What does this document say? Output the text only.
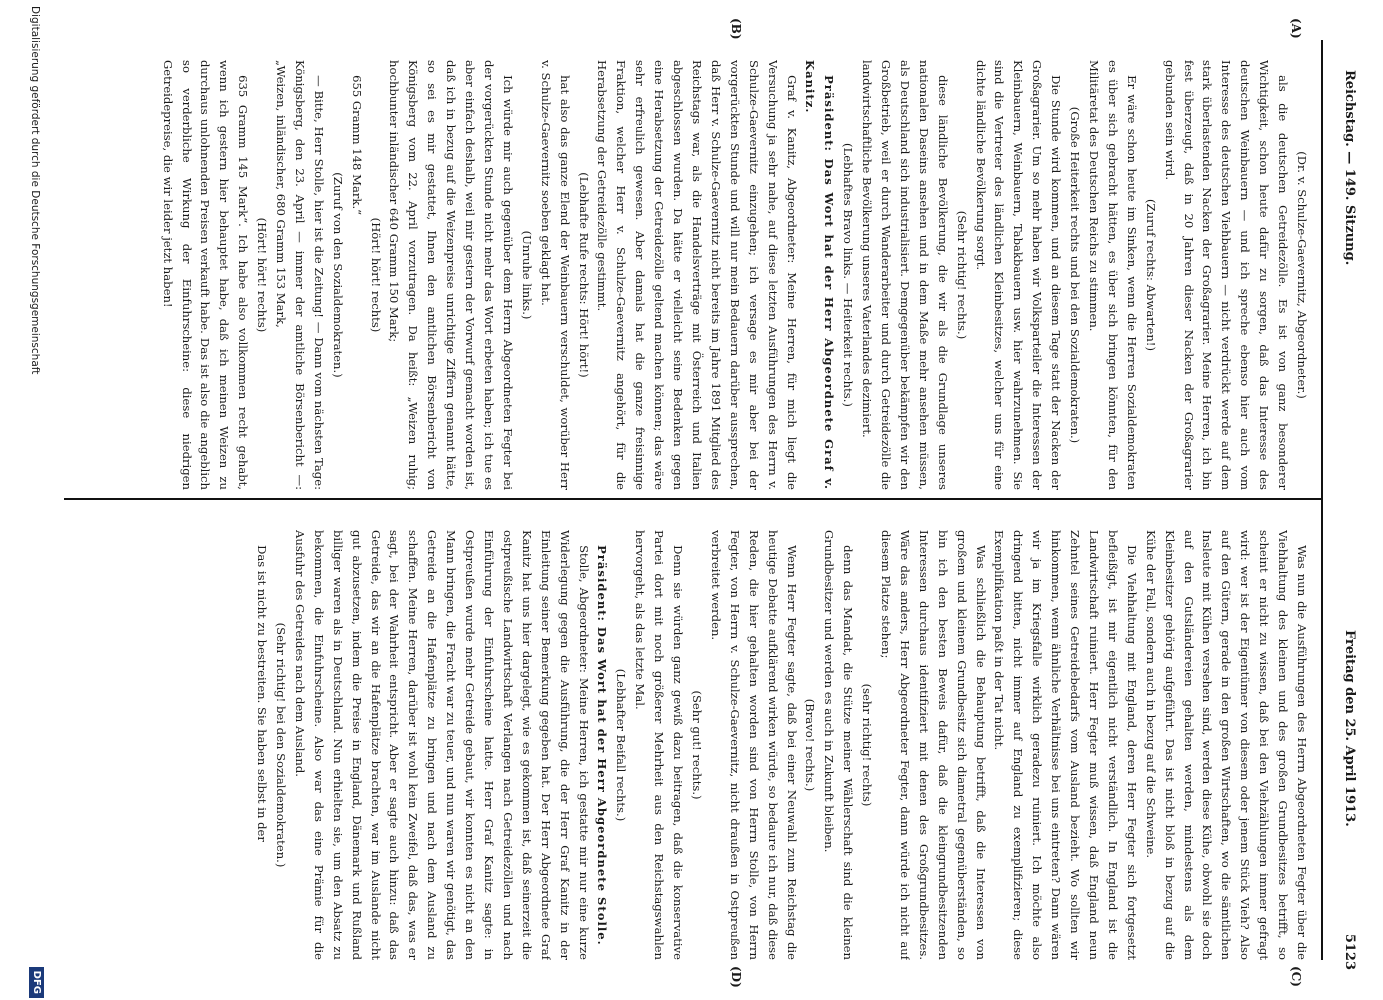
Reichstag. — 149. Sitzung.
Freitag den 25. April 1913.
5123
(A)
(B)
(C)
(D)

(Dr. v. Schulze-Gaevernitz, Abgeordneter.)

als die deutschen Getreidezölle. Es ist von ganz besonderer Wichtigkeit, schon heute dafür zu sorgen, daß das Interesse des deutschen Weinbauern — und ich spreche ebenso hier auch vom Interesse des deutschen Viehbauern — nicht verdrückt werde auf dem stark überlastenden Nacken der Großagrarier. Meine Herren, ich bin fest überzeugt, daß in 20 Jahren dieser Nacken der Großagrarier gebunden sein wird.

(Zuruf rechts: Abwarten!)

Er wäre schon heute im Sinken, wenn die Herren Sozialdemokraten es über sich gebracht hätten, es über sich bringen könnten, für den Militäretat des Deutschen Reichs zu stimmen.

(Große Heiterkeit rechts und bei den Sozialdemokraten.)

Die Stunde wird kommen, und an diesem Tage statt der Nacken der Großagrarier. Um so mehr haben wir Volksparteiler die Interessen der Kleinbauern, Weinbauern, Tabakbauern usw. hier wahrzunehmen. Sie sind die Vertreter des ländlichen Kleinbesitzes, welcher uns für eine dichte ländliche Bevölkerung sorgt.

(Sehr richtig! rechts.)

diese ländliche Bevölkerung, die wir als die Grundlage unseres nationalen Daseins ansehen und in dem Maße mehr ansehen müssen, als Deutschland sich industrialisiert. Demgegenüber bekämpfen wir den Großbetrieb, weil er durch Wanderarbeiter und durch Getreidezölle die landwirtschaftliche Bevölkerung unseres Vaterlandes dezimiert.

(Lebhaftes Bravo links. — Heiterkeit rechts.)

Präsident: Das Wort hat der Herr Abgeordnete Graf v. Kanitz.

Graf v. Kanitz, Abgeordneter: Meine Herren, für mich liegt die Versuchung ja sehr nahe, auf diese letzten Ausführungen des Herrn v. Schulze-Gaevernitz einzugehen; ich versage es mir aber bei der vorgerückten Stunde und will nur mein Bedauern darüber aussprechen, daß Herr v. Schulze-Gaevernitz nicht bereits im Jahre 1891 Mitglied des Reichstags war, als die Handelsverträge mit Österreich und Italien abgeschlossen wurden. Da hätte er vielleicht seine Bedenken gegen eine Herabsetzung der Getreidezölle geltend machen können; das wäre sehr erfreulich gewesen. Aber damals hat die ganze freisinnige Fraktion, welcher Herr v. Schulze-Gaevernitz angehört, für die Herabsetzung der Getreidezölle gestimmt.

(Lebhafte Rufe rechts: Hört! hört!)

hat also das ganze Elend der Weinbauern verschuldet, worüber Herr v. Schulze-Gaevernitz soeben geklagt hat.

(Unruhe links.)

Ich würde mir auch gegenüber dem Herrn Abgeordneten Fegter bei der vorgerückten Stunde nicht mehr das Wort erbeten haben; ich tue es aber einfach deshalb, weil mir gestern der Vorwurf gemacht worden ist, daß ich in bezug auf die Weizenpreise unrichtige Ziffern genannt hätte, so sei es mir gestattet, Ihnen den amtlichen Börsenbericht von Königsberg vom 22. April vorzutragen. Da heißt: „Weizen ruhig; hochbunter inländischer 640 Gramm 150 Mark;

(Hört! hört! rechts)

655 Gramm 148 Mark.“

(Zuruf von den Sozialdemokraten.)

— Bitte, Herr Stolle, hier ist die Zeitung! — Dann vom nächsten Tage: Königsberg, den 23. April — immer der amtliche Börsenbericht —: „Weizen, inländischer, 680 Gramm 153 Mark,

(Hört! hört! rechts)

635 Gramm 145 Mark“. Ich habe also vollkommen recht gehabt, wenn ich gestern hier behauptet habe, daß ich meinen Weizen zu durchaus unlohnenden Preisen verkauft habe. Das ist also die angeblich so verderbliche Wirkung der Einfuhrscheine: diese niedrigen Getreidepreise, die wir leider jetzt haben!

Was nun die Ausführungen des Herrn Abgeordneten Fegter über die Viehhaltung des kleinen und des großen Grundbesitzes betrifft, so scheint er nicht zu wissen, daß bei den Viehzählungen immer gefragt wird: wer ist der Eigentümer von diesem oder jenem Stück Vieh? Also auf den Gütern, gerade in den großen Wirtschaften, wo die sämtlichen Insleute mit Kühen versehen sind, werden diese Kühe, obwohl sie doch auf den Gutsländereien gehalten werden, mindestens als dem Kleinbesitzer gehörig aufgeführt. Das ist nicht bloß in bezug auf die Kühe der Fall, sondern auch in bezug auf die Schweine.

Die Viehhaltung mit England, deren Herr Fegter sich fortgesetzt befleißigt, ist mir eigentlich nicht verständlich. In England ist die Landwirtschaft ruiniert. Herr Fegter muß wissen, daß England neun Zehntel seines Getreidebedarfs vom Ausland bezieht. Wo sollten wir hinkommen, wenn ähnliche Verhältnisse bei uns eintreten? Dann wären wir ja im Kriegsfalle wirklich geradezu ruiniert. Ich möchte also dringend bitten, nicht immer auf England zu exemplifizieren; diese Exemplifikation paßt in der Tat nicht.

Was schließlich die Behauptung betrifft, daß die Interessen von großem und kleinem Grundbesitz sich diametral gegenüberständen, so bin ich den besten Beweis dafür, daß die kleingrundbesitzenden Interessen durchaus identifiziert mit denen des Großgrundbesitzes. Wäre das anders, Herr Abgeordneter Fegter, dann würde ich nicht auf diesem Platze stehen;

(sehr richtig! rechts)

denn das Mandat, die Stütze meiner Wählerschaft sind die kleinen Grundbesitzer und werden es auch in Zukunft bleiben.

(Bravo! rechts.)

Wenn Herr Fegter sagte, daß bei einer Neuwahl zum Reichstag die heutige Debatte aufklärend wirken würde, so bedaure ich nur, daß diese Reden, die hier gehalten worden sind von Herrn Stolle, von Herrn Fegter, von Herrn v. Schulze-Gaevernitz, nicht draußen in Ostpreußen verbreitet werden.

(Sehr gut! rechts.)

Denn sie würden ganz gewiß dazu beitragen, daß die konservative Partei dort mit noch größerer Mehrheit aus den Reichstagswahlen hervorgeht, als das letzte Mal.

(Lebhafter Beifall rechts.)

Präsident: Das Wort hat der Herr Abgeordnete Stolle.

Stolle, Abgeordneter: Meine Herren, ich gestatte mir nur eine kurze Widerlegung gegen die Ausführung, die der Herr Graf Kanitz in der Einleitung seiner Bemerkung gegeben hat. Der Herr Abgeordnete Graf Kanitz hat uns hier dargelegt, wie es gekommen ist, daß seinerzeit die ostpreußische Landwirtschaft Verlangen nach Getreidezöllen und nach Einführung der Einfuhrscheine hatte. Herr Graf Kanitz sagte: in Ostpreußen wurde mehr Getreide gebaut, wir konnten es nicht an den Mann bringen, die Fracht war zu teuer, und nun waren wir genötigt, das Getreide an die Hafenplätze zu bringen und nach dem Ausland zu schaffen. Meine Herren, darüber ist wohl kein Zweifel, daß das, was er sagt, bei der Wahrheit entspricht. Aber er sagte auch hinzu: daß das Getreide, das wir an die Hafenplätze brachten, war im Auslande nicht gut abzusetzen, indem die Preise in England, Dänemark und Rußland billiger waren als in Deutschland. Nun erhielten sie, um den Absatz zu bekommen, die Einfuhrscheine. Also war das eine Prämie für die Ausfuhr des Getreides nach dem Ausland.

(Sehr richtig! bei den Sozialdemokraten.)

Das ist nicht zu bestreiten. Sie haben selbst in der

Digitalisierung gefördert durch die Deutsche Forschungsgemeinschaft
DFG
